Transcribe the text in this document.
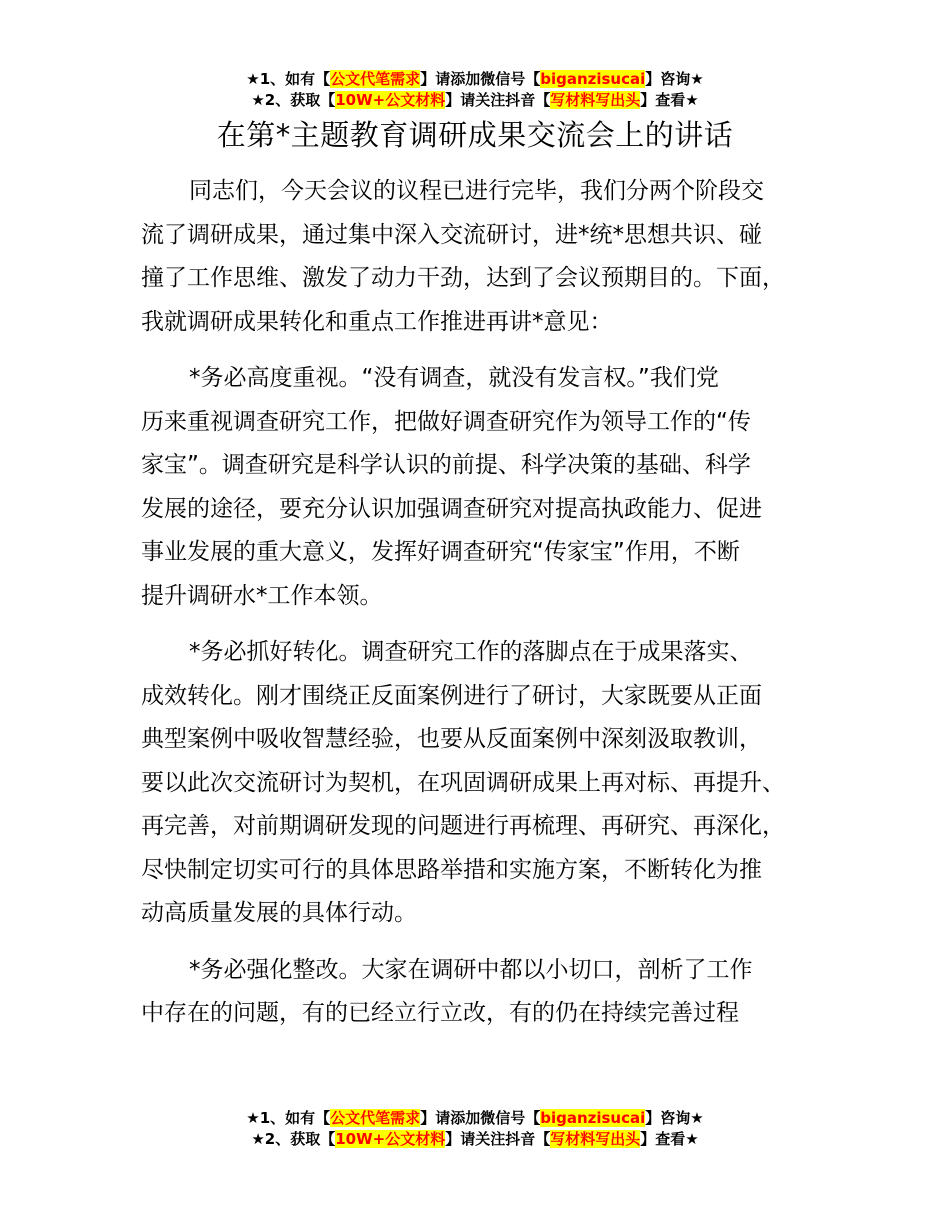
★1、如有【公文代笔需求】请添加微信号【biganzisucai】咨询★
★2、获取【10W+公文材料】请关注抖音【写材料写出头】查看★
在第*主题教育调研成果交流会上的讲话
同志们，今天会议的议程已进行完毕，我们分两个阶段交
流了调研成果，通过集中深入交流研讨，进*统*思想共识、碰
撞了工作思维、激发了动力干劲，达到了会议预期目的。下面，
我就调研成果转化和重点工作推进再讲*意见：
*务必高度重视。“没有调查，就没有发言权。”我们党
历来重视调查研究工作，把做好调查研究作为领导工作的“传
家宝”。调查研究是科学认识的前提、科学决策的基础、科学
发展的途径，要充分认识加强调查研究对提高执政能力、促进
事业发展的重大意义，发挥好调查研究“传家宝”作用，不断
提升调研水*工作本领。
*务必抓好转化。调查研究工作的落脚点在于成果落实、
成效转化。刚才围绕正反面案例进行了研讨，大家既要从正面
典型案例中吸收智慧经验，也要从反面案例中深刻汲取教训，
要以此次交流研讨为契机，在巩固调研成果上再对标、再提升、
再完善，对前期调研发现的问题进行再梳理、再研究、再深化，
尽快制定切实可行的具体思路举措和实施方案，不断转化为推
动高质量发展的具体行动。
*务必强化整改。大家在调研中都以小切口，剖析了工作
中存在的问题，有的已经立行立改，有的仍在持续完善过程
★1、如有【公文代笔需求】请添加微信号【biganzisucai】咨询★
★2、获取【10W+公文材料】请关注抖音【写材料写出头】查看★
